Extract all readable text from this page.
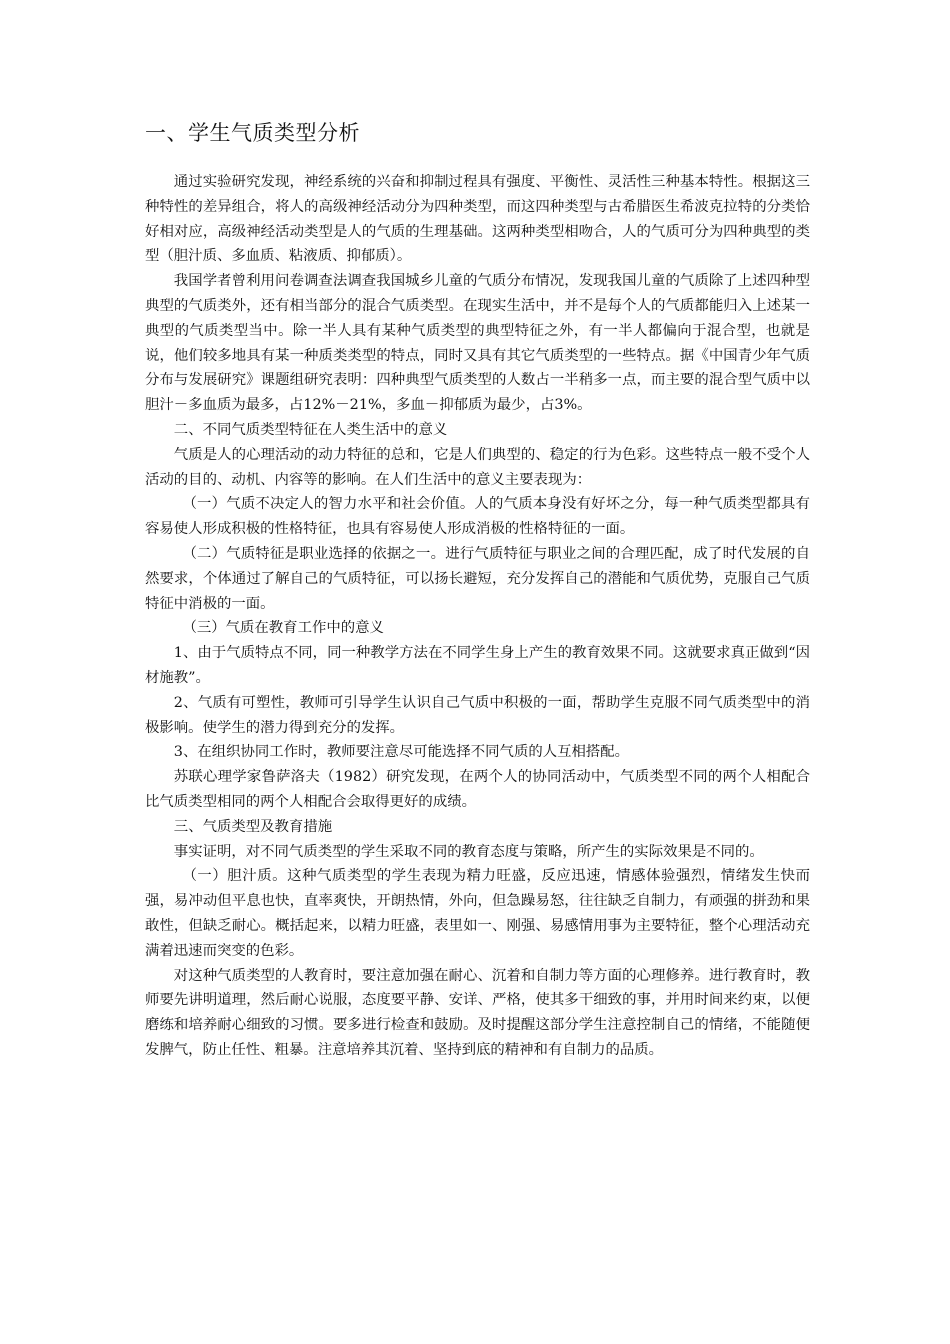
一、学生气质类型分析

通过实验研究发现，神经系统的兴奋和抑制过程具有强度、平衡性、灵活性三种基本特性。根据这三种特性的差异组合，将人的高级神经活动分为四种类型，而这四种类型与古希腊医生希波克拉特的分类恰好相对应，高级神经活动类型是人的气质的生理基础。这两种类型相吻合，人的气质可分为四种典型的类型（胆汁质、多血质、粘液质、抑郁质）。

我国学者曾利用问卷调查法调查我国城乡儿童的气质分布情况，发现我国儿童的气质除了上述四种型典型的气质类外，还有相当部分的混合气质类型。在现实生活中，并不是每个人的气质都能归入上述某一典型的气质类型当中。除一半人具有某种气质类型的典型特征之外，有一半人都偏向于混合型，也就是说，他们较多地具有某一种质类类型的特点，同时又具有其它气质类型的一些特点。据《中国青少年气质分布与发展研究》课题组研究表明：四种典型气质类型的人数占一半稍多一点，而主要的混合型气质中以胆汁－多血质为最多，占12%－21%，多血－抑郁质为最少，占3%。

二、不同气质类型特征在人类生活中的意义

气质是人的心理活动的动力特征的总和，它是人们典型的、稳定的行为色彩。这些特点一般不受个人活动的目的、动机、内容等的影响。在人们生活中的意义主要表现为：

（一）气质不决定人的智力水平和社会价值。人的气质本身没有好坏之分，每一种气质类型都具有容易使人形成积极的性格特征，也具有容易使人形成消极的性格特征的一面。

（二）气质特征是职业选择的依据之一。进行气质特征与职业之间的合理匹配，成了时代发展的自然要求，个体通过了解自己的气质特征，可以扬长避短，充分发挥自己的潜能和气质优势，克服自己气质特征中消极的一面。

（三）气质在教育工作中的意义

1、由于气质特点不同，同一种教学方法在不同学生身上产生的教育效果不同。这就要求真正做到“因材施教”。

2、气质有可塑性，教师可引导学生认识自己气质中积极的一面，帮助学生克服不同气质类型中的消极影响。使学生的潜力得到充分的发挥。

3、在组织协同工作时，教师要注意尽可能选择不同气质的人互相搭配。

苏联心理学家鲁萨洛夫（1982）研究发现，在两个人的协同活动中，气质类型不同的两个人相配合比气质类型相同的两个人相配合会取得更好的成绩。

三、气质类型及教育措施

事实证明，对不同气质类型的学生采取不同的教育态度与策略，所产生的实际效果是不同的。

（一）胆汁质。这种气质类型的学生表现为精力旺盛，反应迅速，情感体验强烈，情绪发生快而强，易冲动但平息也快，直率爽快，开朗热情，外向，但急躁易怒，往往缺乏自制力，有顽强的拼劲和果敢性，但缺乏耐心。概括起来，以精力旺盛，表里如一、刚强、易感情用事为主要特征，整个心理活动充满着迅速而突变的色彩。

对这种气质类型的人教育时，要注意加强在耐心、沉着和自制力等方面的心理修养。进行教育时，教师要先讲明道理，然后耐心说服，态度要平静、安详、严格，使其多干细致的事，并用时间来约束，以便磨练和培养耐心细致的习惯。要多进行检查和鼓励。及时提醒这部分学生注意控制自己的情绪，不能随便发脾气，防止任性、粗暴。注意培养其沉着、坚持到底的精神和有自制力的品质。
